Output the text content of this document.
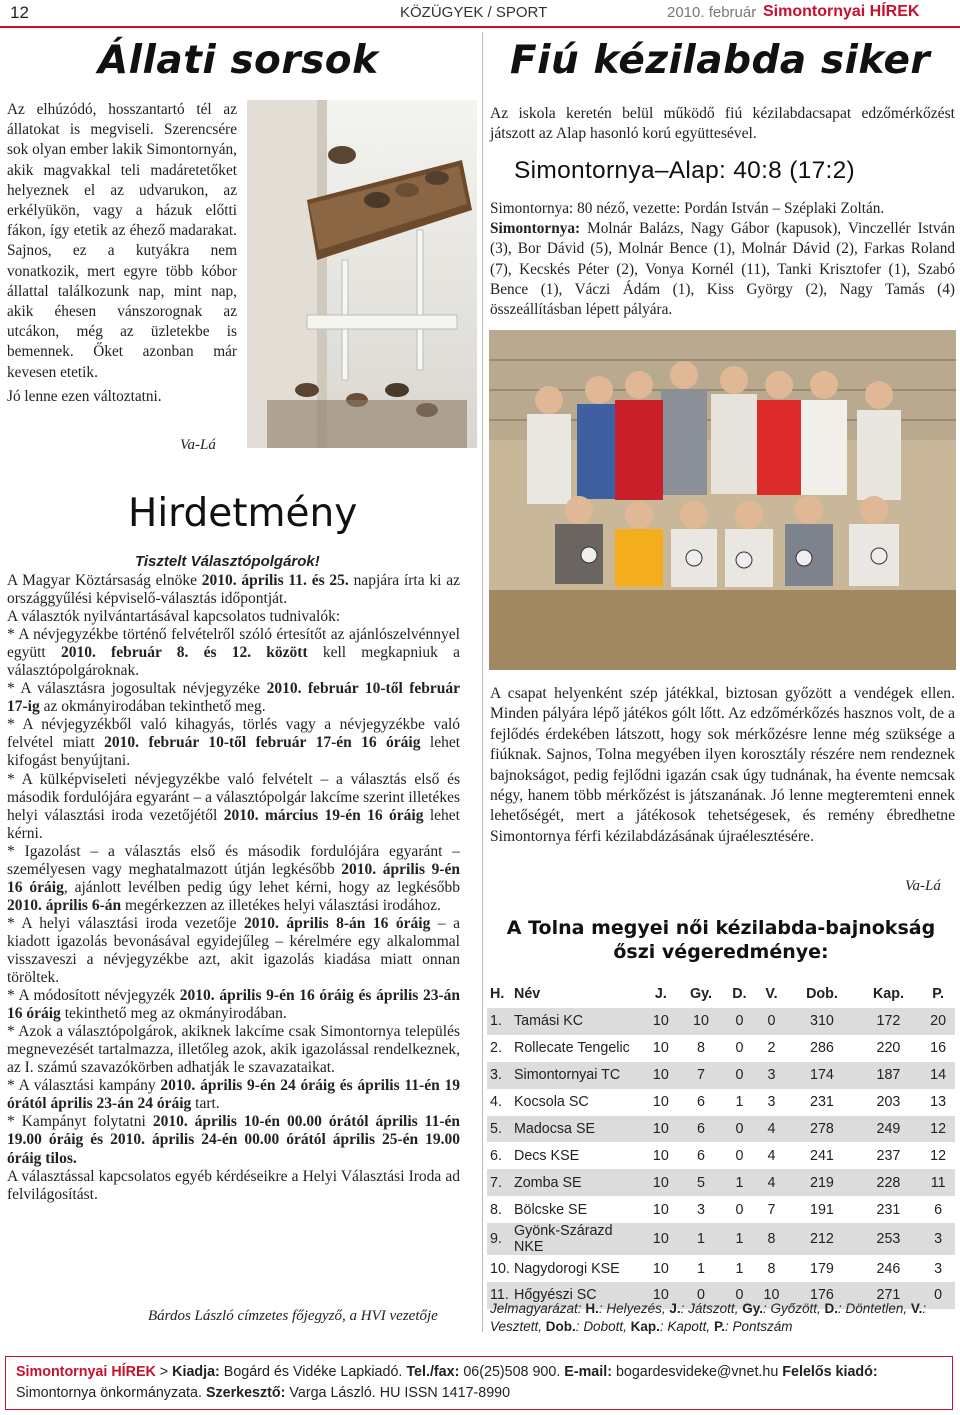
12	KÖZÜGYEK / SPORT	2010. február Simontornyai HÍREK
Állati sorsok

Az elhúzódó, hosszantartó tél az állatokat is megviseli. Szerencsére sok olyan ember lakik Simontornyán, akik magvakkal teli madáretetőket helyeznek el az udvarukon, az erkélyükön, vagy a házuk előtti fákon, így etetik az éhező madarakat. Sajnos, ez a kutyákra nem vonatkozik, mert egyre több kóbor állattal találkozunk nap, mint nap, akik éhesen vánszorognak az utcákon, még az üzletekbe is bemennek. Őket azonban már kevesen etetik.

Jó lenne ezen változtatni.

Va-Lá
Fiú kézilabda siker
Az iskola keretén belül működő fiú kézilabdacsapat edzőmérkőzést játszott az Alap hasonló korú együttesével.
Simontornya–Alap: 40:8 (17:2)
Simontornya: 80 néző, vezette: Pordán István – Széplaki Zoltán.
Simontornya: Molnár Balázs, Nagy Gábor (kapusok), Vinczellér István (3), Bor Dávid (5), Molnár Bence (1), Molnár Dávid (2), Farkas Roland (7), Kecskés Péter (2), Vonya Kornél (11), Tanki Krisztofer (1), Szabó Bence (1), Váczi Ádám (1), Kiss György (2), Nagy Tamás (4) összeállításban lépett pályára.
A csapat helyenként szép játékkal, biztosan győzött a vendégek ellen. Minden pályára lépő játékos gólt lőtt. Az edzőmérkőzés hasznos volt, de a fejlődés érdekében látszott, hogy sok mérkőzésre lenne még szüksége a fiúknak. Sajnos, Tolna megyében ilyen korosztály részére nem rendeznek bajnokságot, pedig fejlődni igazán csak úgy tudnának, ha évente nemcsak négy, hanem több mérkőzést is játszanának. Jó lenne megteremteni ennek lehetőségét, mert a játékosok tehetségesek, és remény ébredhetne Simontornya férfi kézilabdázásának újraélesztésére.
Va-Lá
Hirdetmény
Tisztelt Választópolgárok!

A Magyar Köztársaság elnöke 2010. április 11. és 25. napjára írta ki az országgyűlési képviselő-választás időpontját.

A választók nyilvántartásával kapcsolatos tudnivalók:

* A névjegyzékbe történő felvételről szóló értesítőt az ajánlószelvénnyel együtt 2010. február 8. és 12. között kell megkapniuk a választópolgároknak.

* A választásra jogosultak névjegyzéke 2010. február 10-től február 17-ig az okmányirodában tekinthető meg.

* A névjegyzékből való kihagyás, törlés vagy a névjegyzékbe való felvétel miatt 2010. február 10-től február 17-én 16 óráig lehet kifogást benyújtani.

* A külképviseleti névjegyzékbe való felvételt – a választás első és második fordulójára egyaránt – a választópolgár lakcíme szerint illetékes helyi választási iroda vezetőjétől 2010. március 19-én 16 óráig lehet kérni.

* Igazolást – a választás első és második fordulójára egyaránt – személyesen vagy meghatalmazott útján legkésőbb 2010. április 9-én 16 óráig, ajánlott levélben pedig úgy lehet kérni, hogy az legkésőbb 2010. április 6-án megérkezzen az illetékes helyi választási irodához.

* A helyi választási iroda vezetője 2010. április 8-án 16 óráig – a kiadott igazolás bevonásával egyidejűleg – kérelmére egy alkalommal visszaveszi a névjegyzékbe azt, akit igazolás kiadása miatt onnan töröltek.

* A módosított névjegyzék 2010. április 9-én 16 óráig és április 23-án 16 óráig tekinthető meg az okmányirodában.

* Azok a választópolgárok, akiknek lakcíme csak Simontornya település megnevezését tartalmazza, illetőleg azok, akik igazolással rendelkeznek, az I. számú szavazókörben adhatják le szavazataikat.

* A választási kampány 2010. április 9-én 24 óráig és április 11-én 19 órától április 23-án 24 óráig tart.

* Kampányt folytatni 2010. április 10-én 00.00 órától április 11-én 19.00 óráig és 2010. április 24-én 00.00 órától április 25-én 19.00 óráig tilos.

A választással kapcsolatos egyéb kérdéseikre a Helyi Választási Iroda ad felvilágosítást.

Bárdos László címzetes főjegyző, a HVI vezetője
A Tolna megyei női kézilabda-bajnokság
őszi végeredménye:
H.	Név	J.	Gy.	D.	V.	Dob.	Kap.	P.
1.	Tamási KC	10	10	0	0	310	172	20
2.	Rollecate Tengelic	10	8	0	2	286	220	16
3.	Simontornyai TC	10	7	0	3	174	187	14
4.	Kocsola SC	10	6	1	3	231	203	13
5.	Madocsa SE	10	6	0	4	278	249	12
6.	Decs KSE	10	6	0	4	241	237	12
7.	Zomba SE	10	5	1	4	219	228	11
8.	Bölcske SE	10	3	0	7	191	231	6
9.	Gyönk-Szárazd NKE	10	1	1	8	212	253	3
10.	Nagydorogi KSE	10	1	1	8	179	246	3
11.	Hőgyészi SC	10	0	0	10	176	271	0
Jelmagyarázat: H.: Helyezés, J.: Játszott, Gy.: Győzött, D.: Döntetlen, V.: Vesztett, Dob.: Dobott, Kap.: Kapott, P.: Pontszám
Simontornyai HÍREK > Kiadja: Bogárd és Vidéke Lapkiadó. Tel./fax: 06(25)508 900. E-mail: bogardesvideke@vnet.hu Felelős kiadó:
Simontornya önkormányzata. Szerkesztő: Varga László. HU ISSN 1417-8990
